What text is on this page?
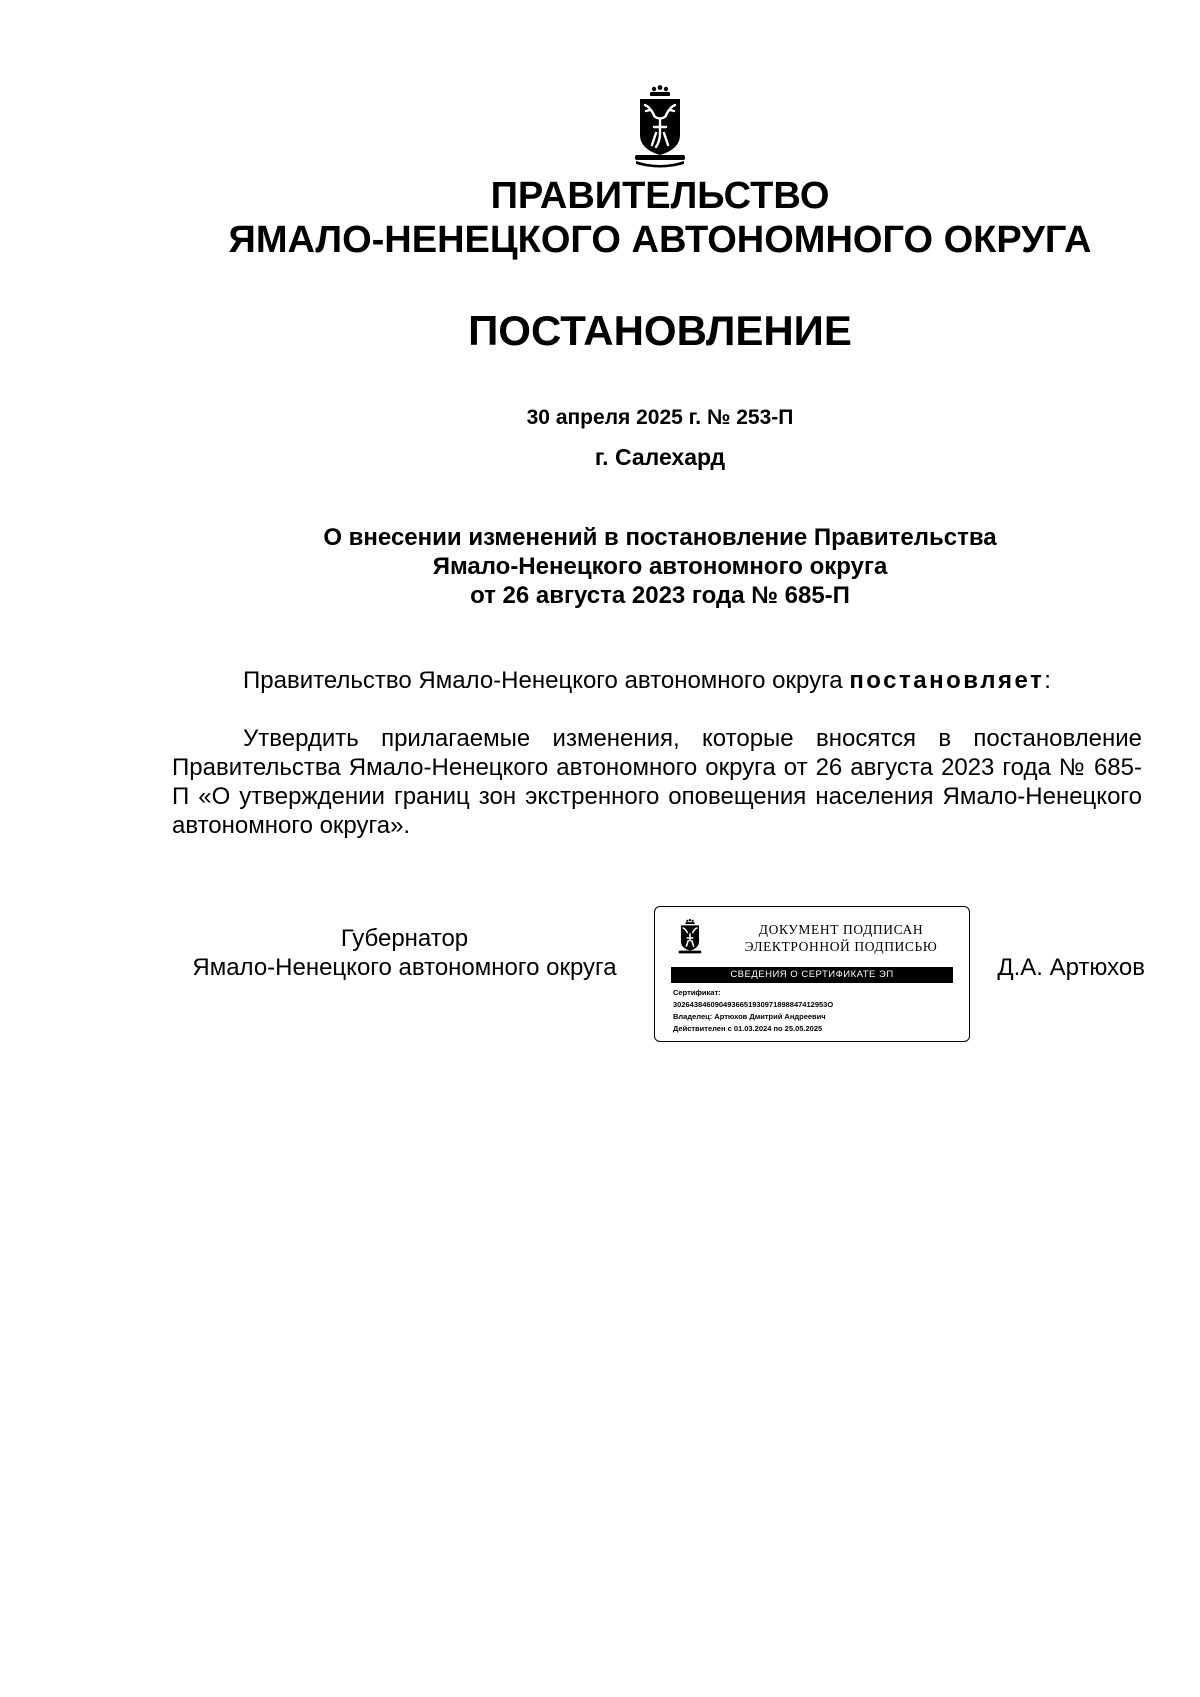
ПРАВИТЕЛЬСТВО
ЯМАЛО-НЕНЕЦКОГО АВТОНОМНОГО ОКРУГА
ПОСТАНОВЛЕНИЕ
30 апреля 2025 г. № 253-П
г. Салехард
О внесении изменений в постановление Правительства
Ямало-Ненецкого автономного округа
от 26 августа 2023 года № 685-П
Правительство Ямало-Ненецкого автономного округа постановляет:
Утвердить прилагаемые изменения, которые вносятся в постановление Правительства Ямало-Ненецкого автономного округа от 26 августа 2023 года № 685-П «О утверждении границ зон экстренного оповещения населения Ямало-Ненецкого автономного округа».
Губернатор
Ямало-Ненецкого автономного округа
ДОКУМЕНТ ПОДПИСАН
ЭЛЕКТРОННОЙ ПОДПИСЬЮ
СВЕДЕНИЯ О СЕРТИФИКАТЕ ЭП
Сертификат:
3026438460904936651930971898847412953О
Владелец: Артюхов Дмитрий Андреевич
Действителен с 01.03.2024 по 25.05.2025
Д.А. Артюхов
